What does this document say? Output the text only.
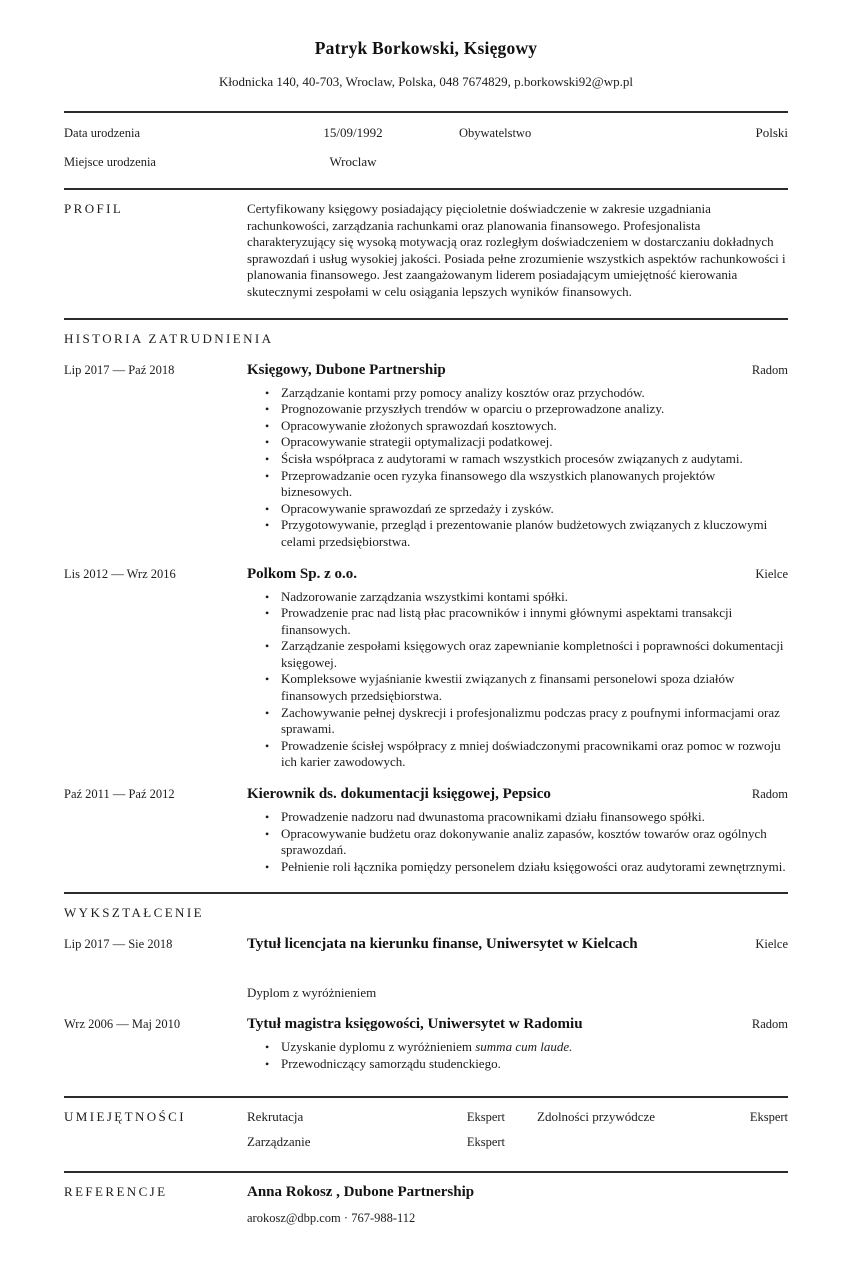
Patryk Borkowski, Księgowy
Kłodnicka 140, 40-703, Wroclaw, Polska, 048 7674829, p.borkowski92@wp.pl
Data urodzenia	15/09/1992	Obywatelstwo	Polski
Miejsce urodzenia	Wroclaw
PROFIL	Certyfikowany księgowy posiadający pięcioletnie doświadczenie w zakresie uzgadniania rachunkowości, zarządzania rachunkami oraz planowania finansowego. Profesjonalista charakteryzujący się wysoką motywacją oraz rozległym doświadczeniem w dostarczaniu dokładnych sprawozdań i usług wysokiej jakości. Posiada pełne zrozumienie wszystkich aspektów rachunkowości i planowania finansowego. Jest zaangażowanym liderem posiadającym umiejętność kierowania skutecznymi zespołami w celu osiągania lepszych wyników finansowych.
HISTORIA ZATRUDNIENIA
Lip 2017 — Paź 2018	Księgowy, Dubone Partnership	Radom
• Zarządzanie kontami przy pomocy analizy kosztów oraz przychodów.
• Prognozowanie przyszłych trendów w oparciu o przeprowadzone analizy.
• Opracowywanie złożonych sprawozdań kosztowych.
• Opracowywanie strategii optymalizacji podatkowej.
• Ścisła współpraca z audytorami w ramach wszystkich procesów związanych z audytami.
• Przeprowadzanie ocen ryzyka finansowego dla wszystkich planowanych projektów biznesowych.
• Opracowywanie sprawozdań ze sprzedaży i zysków.
• Przygotowywanie, przegląd i prezentowanie planów budżetowych związanych z kluczowymi celami przedsiębiorstwa.
Lis 2012 — Wrz 2016	Polkom Sp. z o.o.	Kielce
• Nadzorowanie zarządzania wszystkimi kontami spółki.
• Prowadzenie prac nad listą płac pracowników i innymi głównymi aspektami transakcji finansowych.
• Zarządzanie zespołami księgowych oraz zapewnianie kompletności i poprawności dokumentacji księgowej.
• Kompleksowe wyjaśnianie kwestii związanych z finansami personelowi spoza działów finansowych przedsiębiorstwa.
• Zachowywanie pełnej dyskrecji i profesjonalizmu podczas pracy z poufnymi informacjami oraz sprawami.
• Prowadzenie ścisłej współpracy z mniej doświadczonymi pracownikami oraz pomoc w rozwoju ich karier zawodowych.
Paź 2011 — Paź 2012	Kierownik ds. dokumentacji księgowej, Pepsico	Radom
• Prowadzenie nadzoru nad dwunastoma pracownikami działu finansowego spółki.
• Opracowywanie budżetu oraz dokonywanie analiz zapasów, kosztów towarów oraz ogólnych sprawozdań.
• Pełnienie roli łącznika pomiędzy personelem działu księgowości oraz audytorami zewnętrznymi.
WYKSZTAŁCENIE
Lip 2017 — Sie 2018	Tytuł licencjata na kierunku finanse, Uniwersytet w Kielcach	Kielce
Dyplom z wyróżnieniem
Wrz 2006 — Maj 2010	Tytuł magistra księgowości, Uniwersytet w Radomiu	Radom
• Uzyskanie dyplomu z wyróżnieniem summa cum laude.
• Przewodniczący samorządu studenckiego.
UMIEJĘTNOŚCI	Rekrutacja	Ekspert Zdolności przywódcze	Ekspert
Zarządzanie	Ekspert
REFERENCJE	Anna Rokosz , Dubone Partnership
arokosz@dbp.com · 767-988-112
